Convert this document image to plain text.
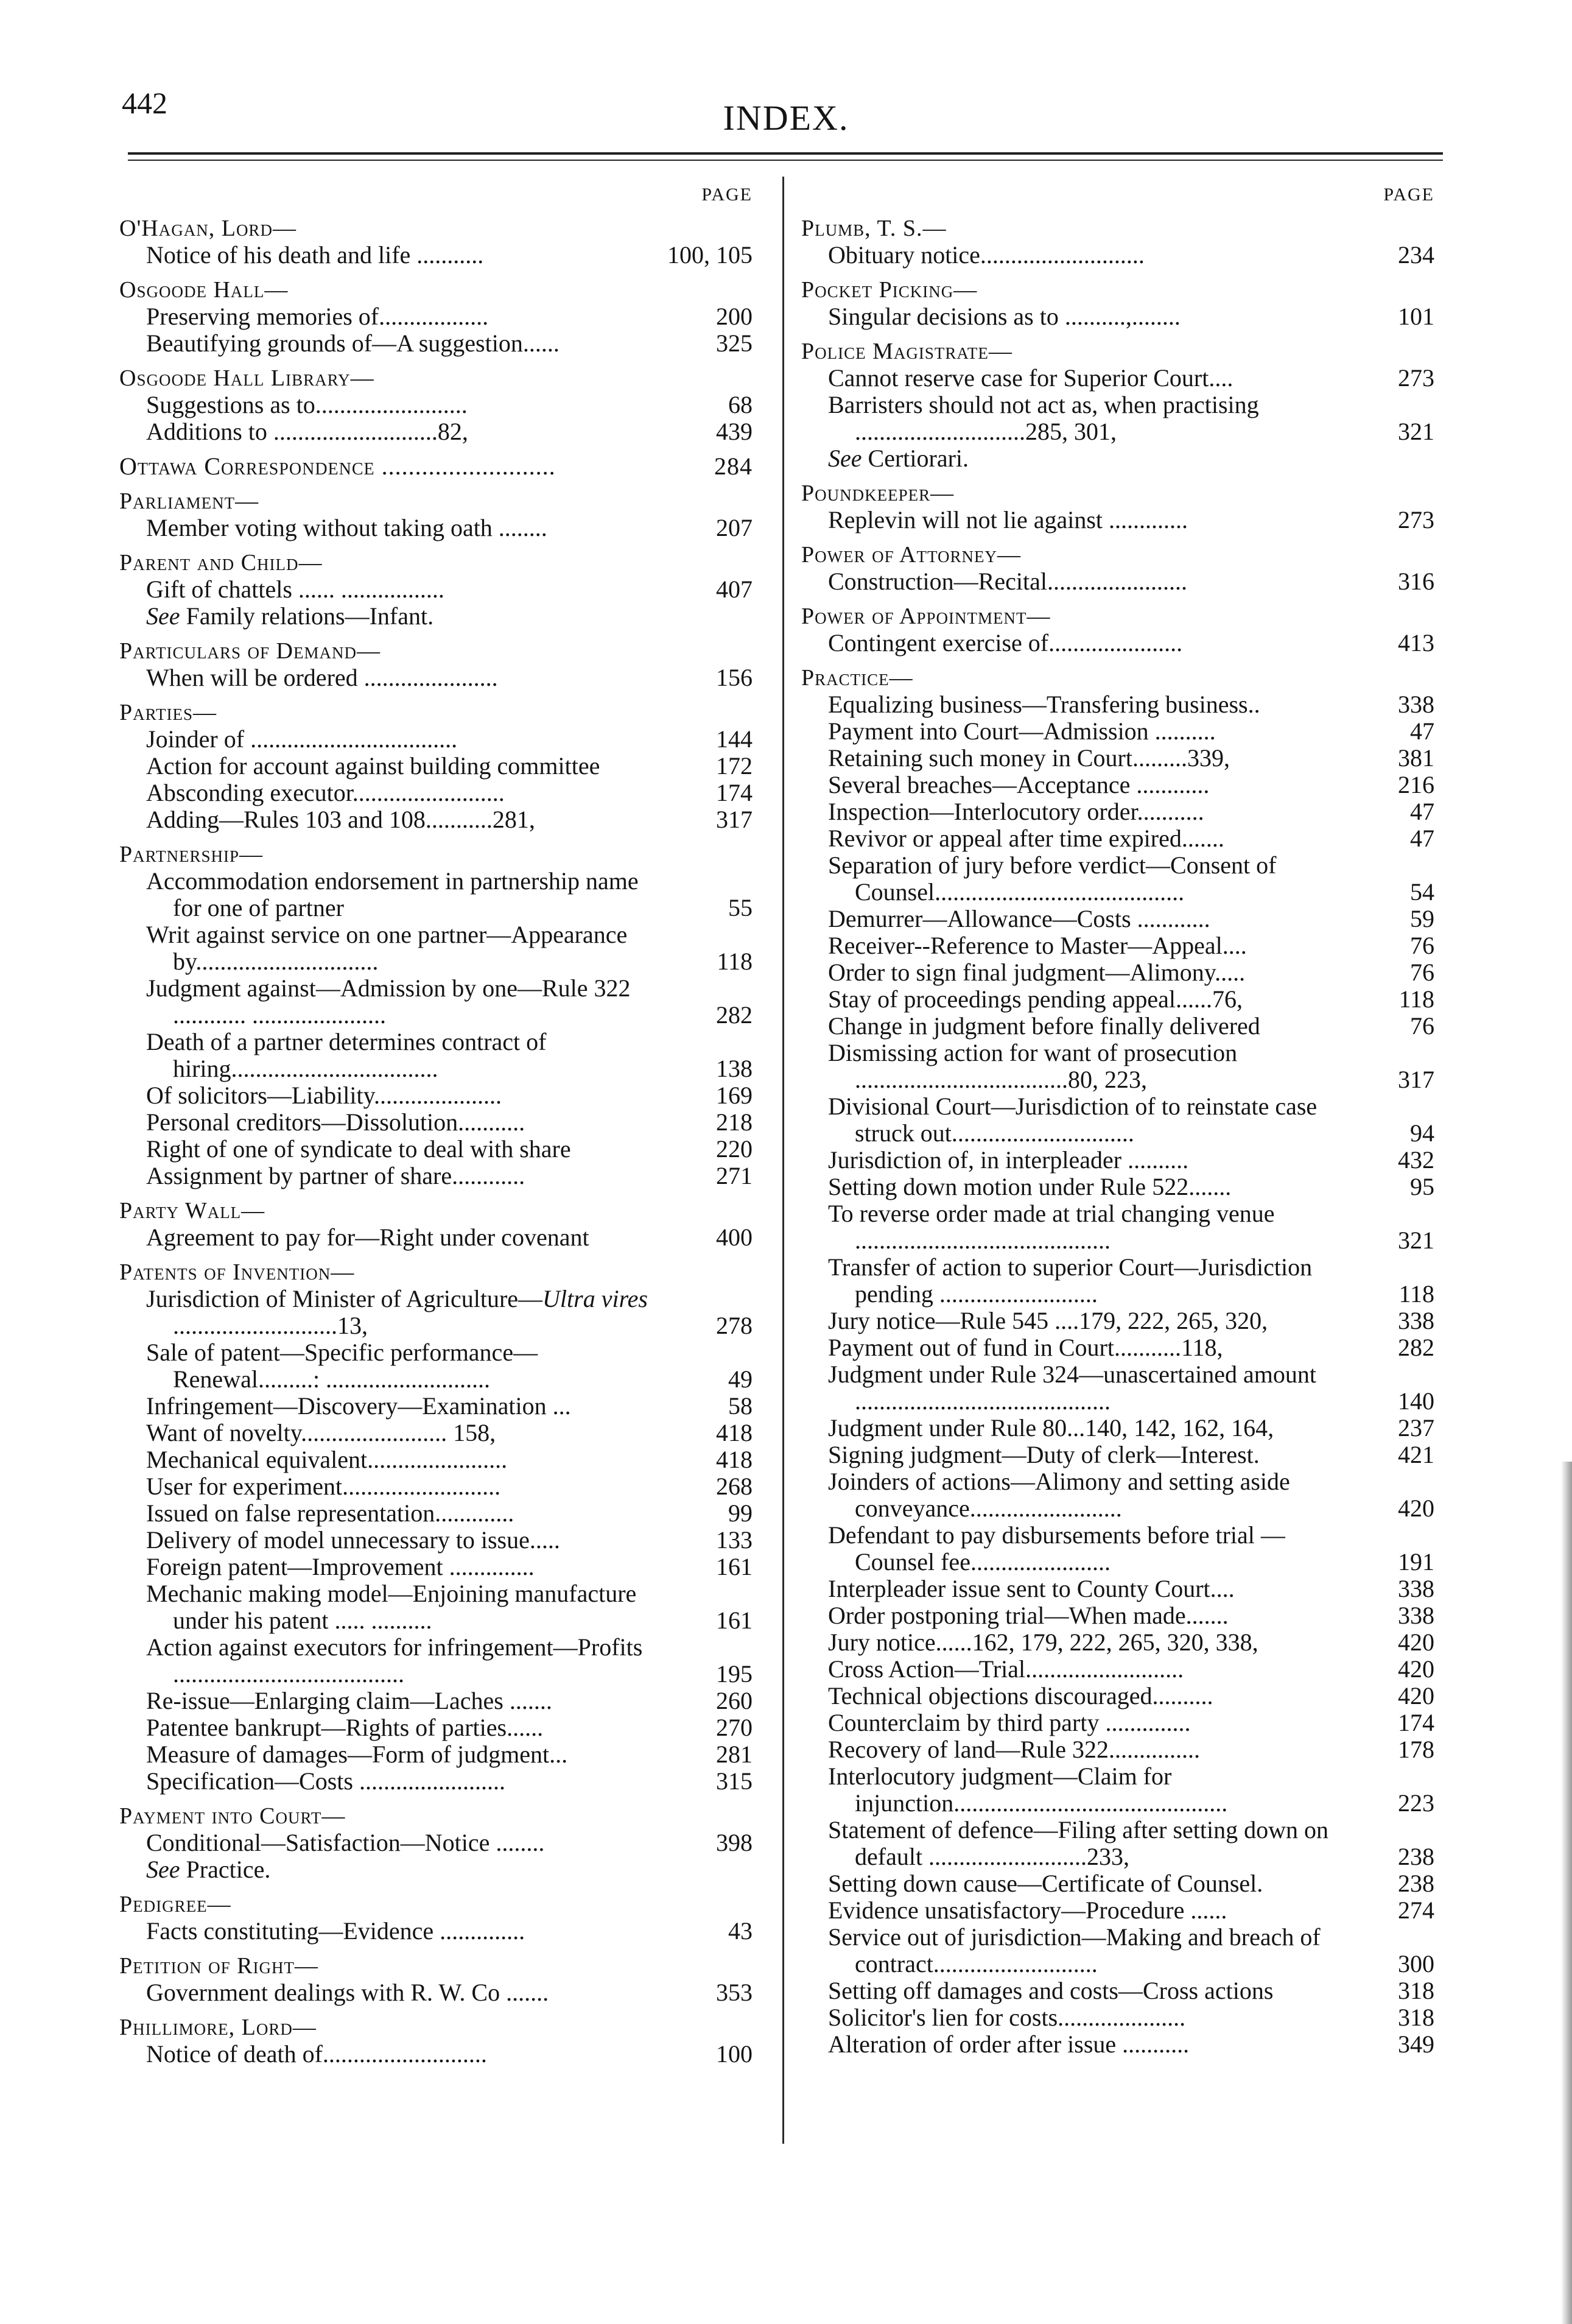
442	INDEX.
PAGE
O'Hagan, Lord—
Notice of his death and life ...........	100, 105
Osgoode Hall—
Preserving memories of..................	200
Beautifying grounds of—A suggestion......	325
Osgoode Hall Library—
Suggestions as to.........................	68
Additions to ...........................82,	439
Ottawa Correspondence ..........................	284
Parliament—
Member voting without taking oath ........	207
Parent and Child—
Gift of chattels ...... .................	407
See Family relations—Infant.
Particulars of Demand—
When will be ordered ......................	156
Parties—
Joinder of ..................................	144
Action for account against building committee	172
Absconding executor.........................	174
Adding—Rules 103 and 108...........281,	317
Partnership—
Accommodation endorsement in partnership name for one of partner	55
Writ against service on one partner—Appearance by..............................	118
Judgment against—Admission by one—Rule 322 ............ ......................	282
Death of a partner determines contract of hiring..................................	138
Of solicitors—Liability.....................	169
Personal creditors—Dissolution...........	218
Right of one of syndicate to deal with share	220
Assignment by partner of share............	271
Party Wall—
Agreement to pay for—Right under covenant	400
Patents of Invention—
Jurisdiction of Minister of Agriculture—Ultra vires ...........................13,	278
Sale of patent—Specific performance—Renewal.........: ...........................	49
Infringement—Discovery—Examination ...	58
Want of novelty........................ 158,	418
Mechanical equivalent.......................	418
User for experiment..........................	268
Issued on false representation.............	99
Delivery of model unnecessary to issue.....	133
Foreign patent—Improvement ..............	161
Mechanic making model—Enjoining manufacture under his patent ..... ..........	161
Action against executors for infringement—Profits ......................................	195
Re-issue—Enlarging claim—Laches .......	260
Patentee bankrupt—Rights of parties......	270
Measure of damages—Form of judgment...	281
Specification—Costs ........................	315
Payment into Court—
Conditional—Satisfaction—Notice ........	398
See Practice.
Pedigree—
Facts constituting—Evidence ..............	43
Petition of Right—
Government dealings with R. W. Co .......	353
Phillimore, Lord—
Notice of death of...........................	100
PAGE
Plumb, T. S.—
Obituary notice...........................	234
Pocket Picking—
Singular decisions as to ..........,........	101
Police Magistrate—
Cannot reserve case for Superior Court....	273
Barristers should not act as, when practising ............................285, 301,	321
See Certiorari.
Poundkeeper—
Replevin will not lie against .............	273
Power of Attorney—
Construction—Recital.......................	316
Power of Appointment—
Contingent exercise of......................	413
Practice—
Equalizing business—Transfering business..	338
Payment into Court—Admission ..........	47
Retaining such money in Court.........339,	381
Several breaches—Acceptance ............	216
Inspection—Interlocutory order...........	47
Revivor or appeal after time expired.......	47
Separation of jury before verdict—Consent of Counsel.........................................	54
Demurrer—Allowance—Costs ............	59
Receiver--Reference to Master—Appeal....	76
Order to sign final judgment—Alimony.....	76
Stay of proceedings pending appeal......76,	118
Change in judgment before finally delivered	76
Dismissing action for want of prosecution ...................................80, 223,	317
Divisional Court—Jurisdiction of to reinstate case struck out..............................	94
Jurisdiction of, in interpleader ..........	432
Setting down motion under Rule 522.......	95
To reverse order made at trial changing venue ..........................................	321
Transfer of action to superior Court—Jurisdiction pending ..........................	118
Jury notice—Rule 545 ....179, 222, 265, 320,	338
Payment out of fund in Court...........118,	282
Judgment under Rule 324—unascertained amount ..........................................	140
Judgment under Rule 80...140, 142, 162, 164,	237
Signing judgment—Duty of clerk—Interest.	421
Joinders of actions—Alimony and setting aside conveyance.........................	420
Defendant to pay disbursements before trial —Counsel fee.......................	191
Interpleader issue sent to County Court....	338
Order postponing trial—When made.......	338
Jury notice......162, 179, 222, 265, 320, 338,	420
Cross Action—Trial..........................	420
Technical objections discouraged..........	420
Counterclaim by third party ..............	174
Recovery of land—Rule 322...............	178
Interlocutory judgment—Claim for injunction.............................................	223
Statement of defence—Filing after setting down on default ..........................233,	238
Setting down cause—Certificate of Counsel.	238
Evidence unsatisfactory—Procedure ......	274
Service out of jurisdiction—Making and breach of contract...........................	300
Setting off damages and costs—Cross actions	318
Solicitor's lien for costs.....................	318
Alteration of order after issue ...........	349
